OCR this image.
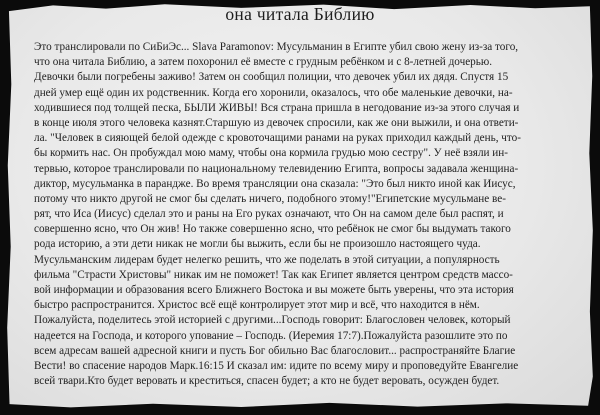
она читала Библию
Это транслировали по СиБиЭс... Slava Paramonov: Мусульманин в Египте убил свою жену из-за того,
что она читала Библию, а затем похоронил её вместе с грудным ребёнком и с 8-летней дочерью.
Девочки были погребены заживо! Затем он сообщил полиции, что девочек убил их дядя. Спустя 15
дней умер ещё один их родственник. Когда его хоронили, оказалось, что обе маленькие девочки, на-
ходившиеся под толщей песка, БЫЛИ ЖИВЫ! Вся страна пришла в негодование из-за этого случая и
в конце июля этого человека казнят.Старшую из девочек спросили, как же они выжили, и она ответи-
ла. "Человек в сияющей белой одежде с кровоточащими ранами на руках приходил каждый день, что-
бы кормить нас. Он пробуждал мою маму, чтобы она кормила грудью мою сестру". У неё взяли ин-
тервью, которое транслировали по национальному телевидению Египта, вопросы задавала женщина-
диктор, мусульманка в парандже. Во время трансляции она сказала: "Это был никто иной как Иисус,
потому что никто другой не смог бы сделать ничего, подобного этому!"Египетские мусульмане ве-
рят, что Иса (Иисус) сделал это и раны на Его руках означают, что Он на самом деле был распят, и
совершенно ясно, что Он жив! Но также совершенно ясно, что ребёнок не смог бы выдумать такого
рода историю, а эти дети никак не могли бы выжить, если бы не произошло настоящего чуда.
Мусульманским лидерам будет нелегко решить, что же поделать в этой ситуации, а популярность
фильма "Страсти Христовы" никак им не поможет! Так как Египет является центром средств массо-
вой информации и образования всего Ближнего Востока и вы можете быть уверены, что эта история
быстро распространится. Христос всё ещё контролирует этот мир и всё, что находится в нём.
Пожалуйста, поделитесь этой историей с другими...Господь говорит: Благословен человек, который
надеется на Господа, и которого упование – Господь. (Иеремия 17:7).Пожалуйста разошлите это по
всем адресам вашей адресной книги и пусть Бог обильно Вас благословит... распространяйте Благие
Вести! во спасение народов Марк.16:15 И сказал им: идите по всему миру и проповедуйте Евангелие
всей твари.Кто будет веровать и креститься, спасен будет; а кто не будет веровать, осужден будет.
